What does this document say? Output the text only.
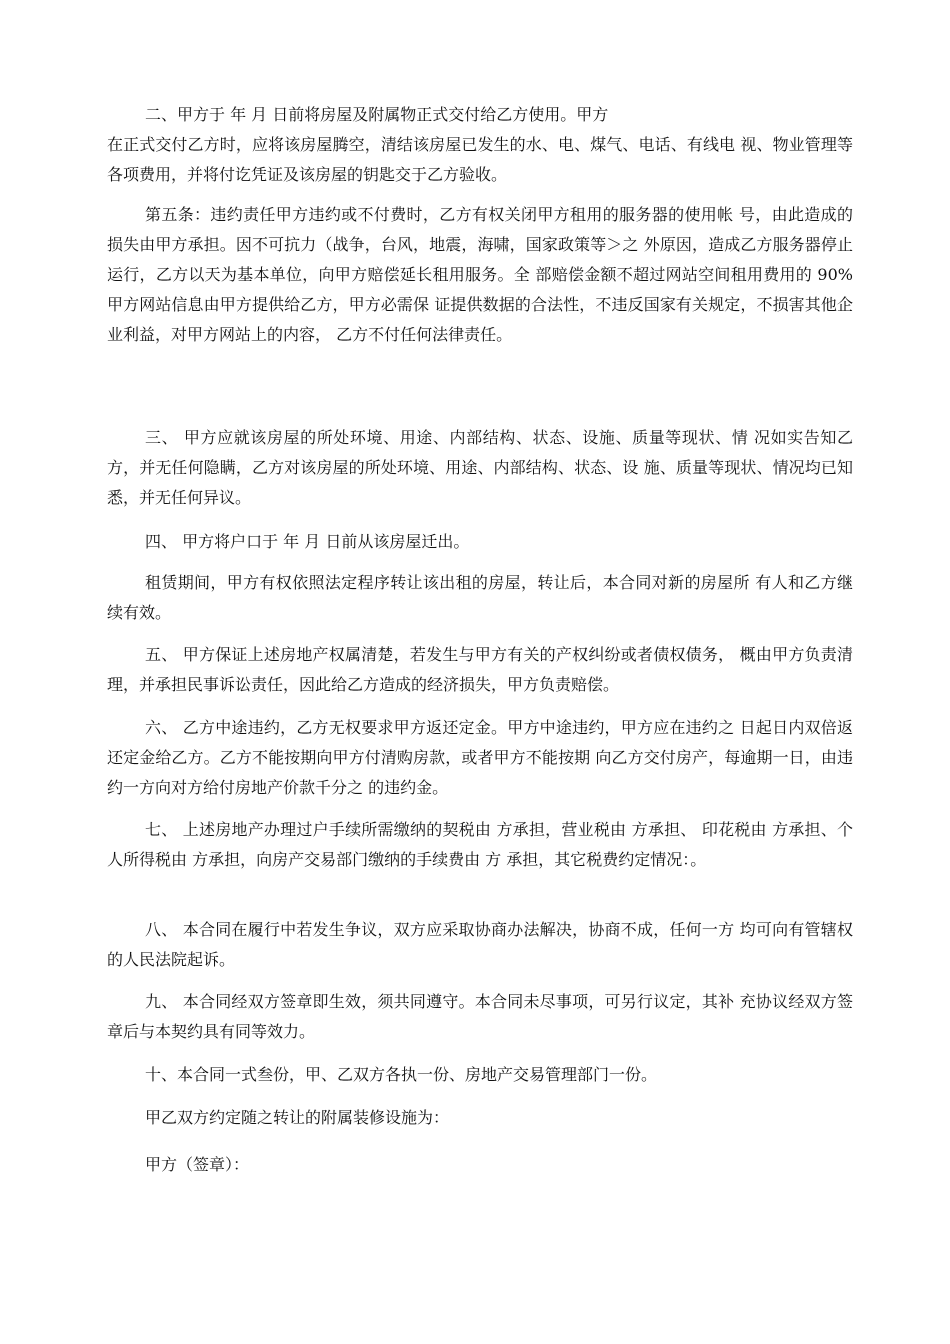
二、甲方于 年 月 日前将房屋及附属物正式交付给乙方使用。甲方

在正式交付乙方时，应将该房屋腾空，清结该房屋已发生的水、电、煤气、电话、有线电 视、物业管理等各项费用，并将付讫凭证及该房屋的钥匙交于乙方验收。

第五条：违约责任甲方违约或不付费时，乙方有权关闭甲方租用的服务器的使用帐 号，由此造成的损失由甲方承担。因不可抗力（战争，台风，地震，海啸，国家政策等＞之 外原因，造成乙方服务器停止运行，乙方以天为基本单位，向甲方赔偿延长租用服务。全 部赔偿金额不超过网站空间租用费用的 90%甲方网站信息由甲方提供给乙方，甲方必需保 证提供数据的合法性，不违反国家有关规定，不损害其他企业利益，对甲方网站上的内容， 乙方不付任何法律责任。

三、 甲方应就该房屋的所处环境、用途、内部结构、状态、设施、质量等现状、情 况如实告知乙方，并无任何隐瞒，乙方对该房屋的所处环境、用途、内部结构、状态、设 施、质量等现状、情况均已知悉，并无任何异议。

四、 甲方将户口于 年 月 日前从该房屋迁出。

租赁期间，甲方有权依照法定程序转让该出租的房屋，转让后，本合同对新的房屋所 有人和乙方继续有效。

五、 甲方保证上述房地产权属清楚，若发生与甲方有关的产权纠纷或者债权债务， 概由甲方负责清理，并承担民事诉讼责任，因此给乙方造成的经济损失，甲方负责赔偿。

六、 乙方中途违约，乙方无权要求甲方返还定金。甲方中途违约，甲方应在违约之 日起日内双倍返还定金给乙方。乙方不能按期向甲方付清购房款，或者甲方不能按期 向乙方交付房产，每逾期一日，由违约一方向对方给付房地产价款千分之 的违约金。

七、 上述房地产办理过户手续所需缴纳的契税由 方承担，营业税由 方承担、 印花税由 方承担、个人所得税由 方承担，向房产交易部门缴纳的手续费由 方 承担，其它税费约定情况：。

八、 本合同在履行中若发生争议，双方应采取协商办法解决，协商不成，任何一方 均可向有管辖权的人民法院起诉。

九、 本合同经双方签章即生效，须共同遵守。本合同未尽事项，可另行议定，其补 充协议经双方签章后与本契约具有同等效力。

十、本合同一式叁份，甲、乙双方各执一份、房地产交易管理部门一份。

甲乙双方约定随之转让的附属装修设施为：

甲方（签章）：
